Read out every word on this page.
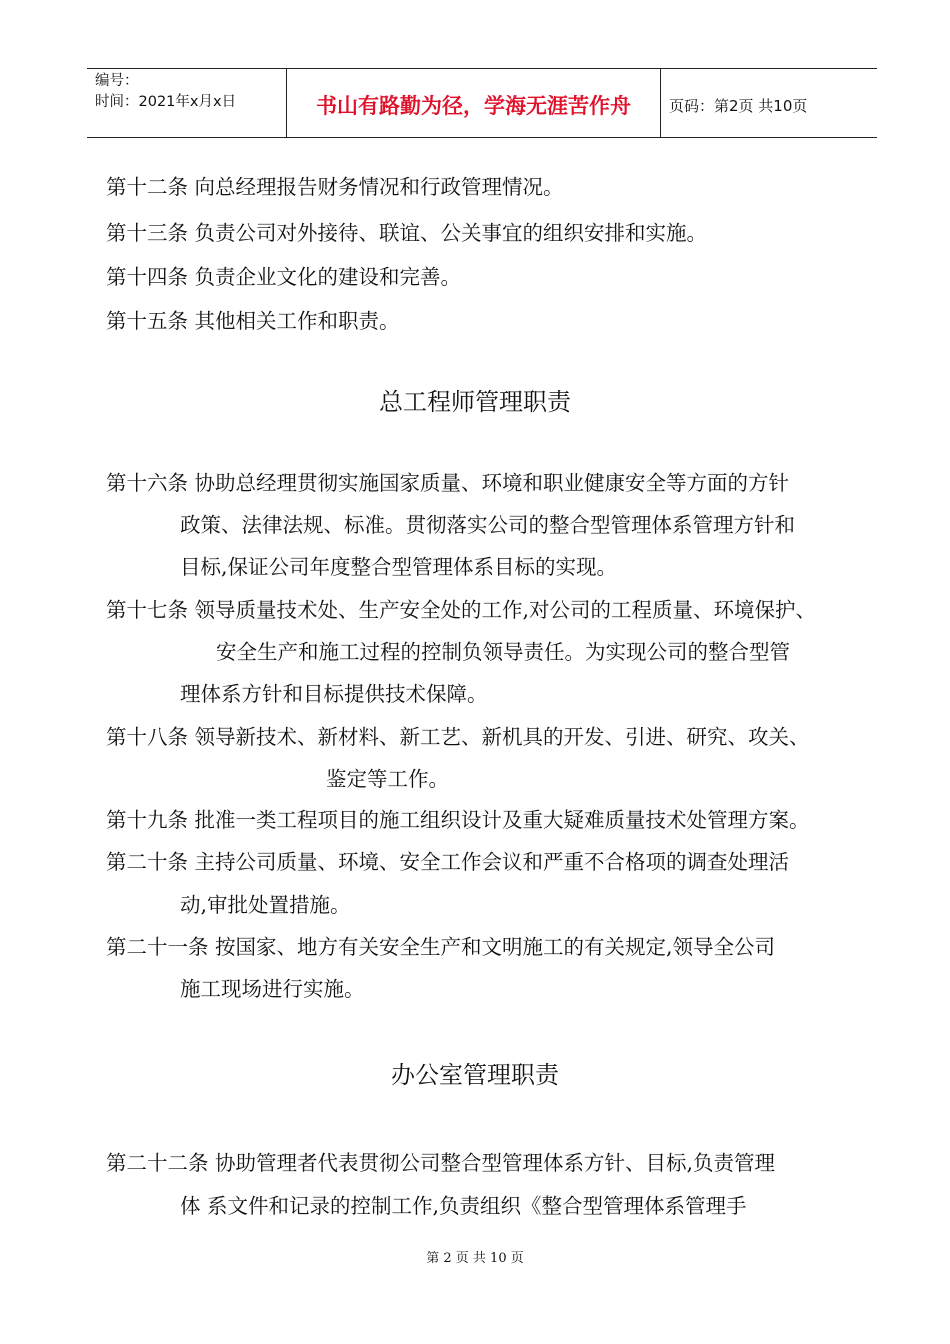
编号：
时间：2021年x月x日	书山有路勤为径，学海无涯苦作舟	页码：第2页 共10页
第十二条 向总经理报告财务情况和行政管理情况。
第十三条 负责公司对外接待、联谊、公关事宜的组织安排和实施。
第十四条 负责企业文化的建设和完善。
第十五条 其他相关工作和职责。
总工程师管理职责
第十六条 协助总经理贯彻实施国家质量、环境和职业健康安全等方面的方针
政策、法律法规、标准。贯彻落实公司的整合型管理体系管理方针和
目标,保证公司年度整合型管理体系目标的实现。
第十七条 领导质量技术处、生产安全处的工作,对公司的工程质量、环境保护、
安全生产和施工过程的控制负领导责任。为实现公司的整合型管
理体系方针和目标提供技术保障。
第十八条 领导新技术、新材料、新工艺、新机具的开发、引进、研究、攻关、
鉴定等工作。
第十九条 批准一类工程项目的施工组织设计及重大疑难质量技术处管理方案。
第二十条 主持公司质量、环境、安全工作会议和严重不合格项的调查处理活
动,审批处置措施。
第二十一条 按国家、地方有关安全生产和文明施工的有关规定,领导全公司
施工现场进行实施。
办公室管理职责
第二十二条 协助管理者代表贯彻公司整合型管理体系方针、目标,负责管理
体 系文件和记录的控制工作,负责组织《整合型管理体系管理手
第 2 页 共 10 页
